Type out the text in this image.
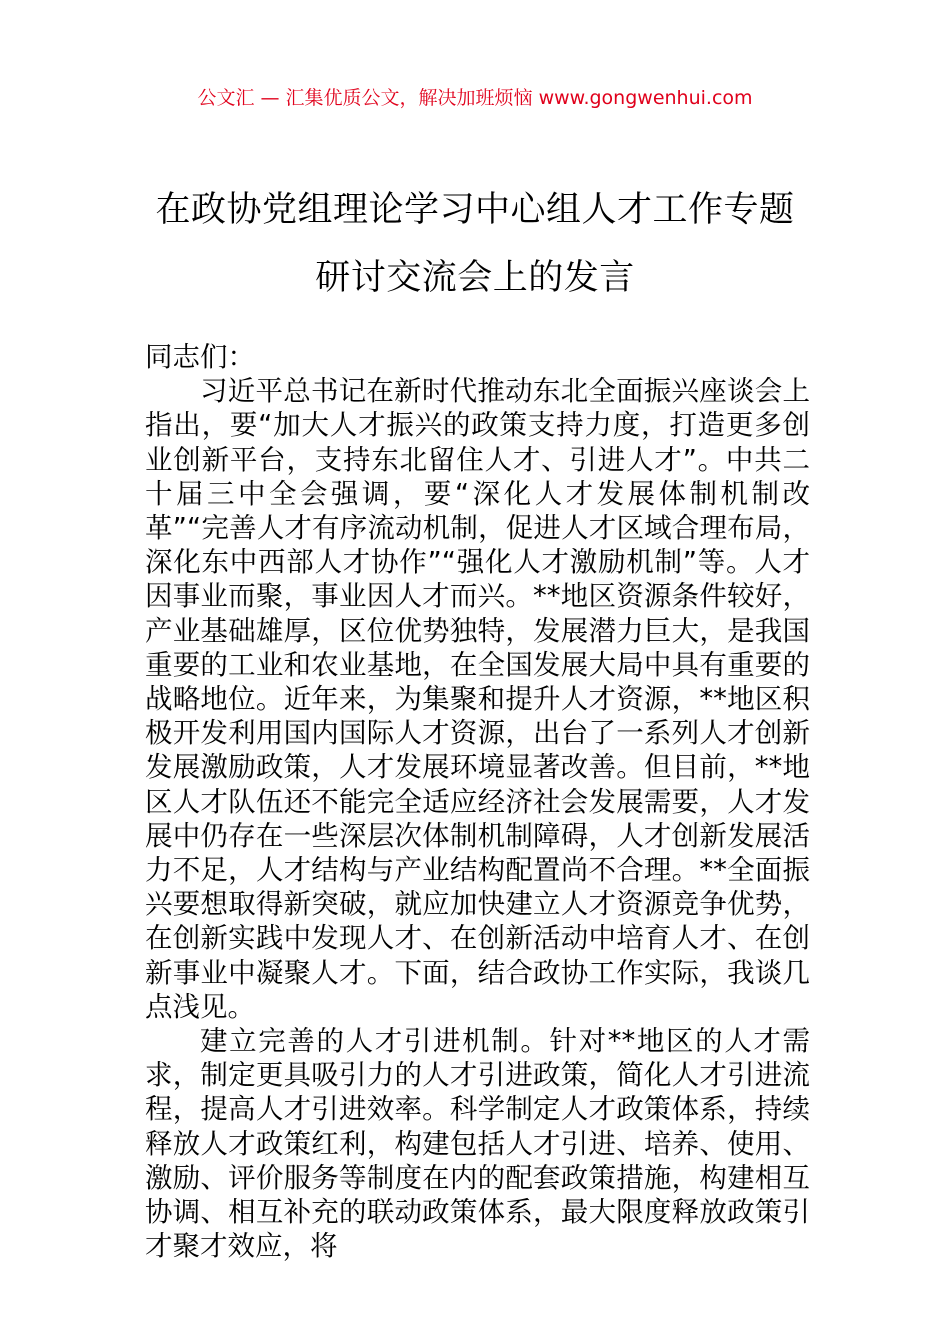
公文汇 — 汇集优质公文，解决加班烦恼 www.gongwenhui.com
在政协党组理论学习中心组人才工作专题
研讨交流会上的发言

同志们：

习近平总书记在新时代推动东北全面振兴座谈会上指出，要“加大人才振兴的政策支持力度，打造更多创业创新平台，支持东北留住人才、引进人才”。中共二十届三中全会强调，要“深化人才发展体制机制改革”“完善人才有序流动机制，促进人才区域合理布局，深化东中西部人才协作”“强化人才激励机制”等。人才因事业而聚，事业因人才而兴。**地区资源条件较好，产业基础雄厚，区位优势独特，发展潜力巨大，是我国重要的工业和农业基地，在全国发展大局中具有重要的战略地位。近年来，为集聚和提升人才资源，**地区积极开发利用国内国际人才资源，出台了一系列人才创新发展激励政策，人才发展环境显著改善。但目前，**地区人才队伍还不能完全适应经济社会发展需要，人才发展中仍存在一些深层次体制机制障碍，人才创新发展活力不足，人才结构与产业结构配置尚不合理。**全面振兴要想取得新突破，就应加快建立人才资源竞争优势，在创新实践中发现人才、在创新活动中培育人才、在创新事业中凝聚人才。下面，结合政协工作实际，我谈几点浅见。

建立完善的人才引进机制。针对**地区的人才需求，制定更具吸引力的人才引进政策，简化人才引进流程，提高人才引进效率。科学制定人才政策体系，持续释放人才政策红利，构建包括人才引进、培养、使用、激励、评价服务等制度在内的配套政策措施，构建相互协调、相互补充的联动政策体系，最大限度释放政策引才聚才效应，将
